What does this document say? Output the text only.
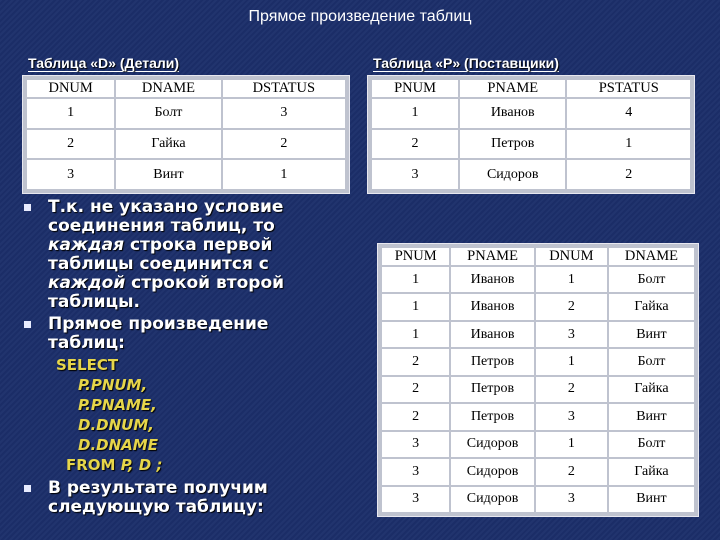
Прямое произведение таблиц
Таблица «D» (Детали)	Таблица «P» (Поставщики)
DNUM	DNAME	DSTATUS
1	Болт	3
2	Гайка	2
3	Винт	1
PNUM	PNAME	PSTATUS
1	Иванов	4
2	Петров	1
3	Сидоров	2
Т.к. не указано условие
соединения таблиц, то
каждая строка первой
таблицы соединится с
каждой строкой второй
таблицы.
Прямое произведение
таблиц:
SELECT
P.PNUM,
P.PNAME,
D.DNUM,
D.DNAME
FROM P, D ;
В результате получим
следующую таблицу:
PNUM	PNAME	DNUM	DNAME
1	Иванов	1	Болт
1	Иванов	2	Гайка
1	Иванов	3	Винт
2	Петров	1	Болт
2	Петров	2	Гайка
2	Петров	3	Винт
3	Сидоров	1	Болт
3	Сидоров	2	Гайка
3	Сидоров	3	Винт
